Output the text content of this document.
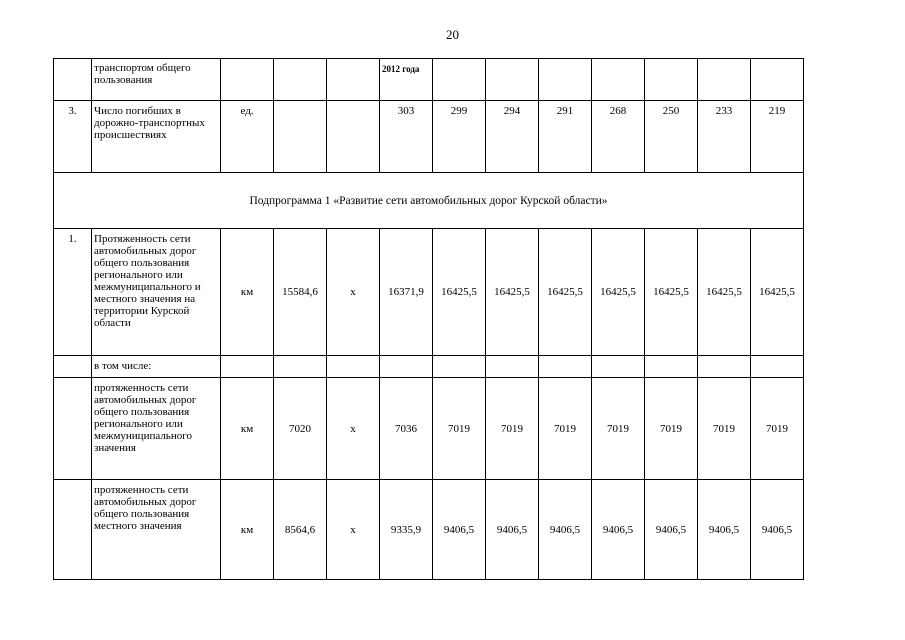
20
	транспортом общего пользования				2012 года							
3.	Число погибших в дорожно-транспортных происшествиях	ед.			303	299	294	291	268	250	233	219
Подпрограмма 1 «Развитие сети автомобильных дорог Курской области»												
1.	Протяженность сети автомобильных дорог общего пользования регионального или межмуниципального и местного значения на территории Курской области	км	15584,6	х	16371,9	16425,5	16425,5	16425,5	16425,5	16425,5	16425,5	16425,5
	в том числе:											
	протяженность сети автомобильных дорог общего пользования регионального или межмуниципального значения	км	7020	х	7036	7019	7019	7019	7019	7019	7019	7019
	протяженность сети автомобильных дорог общего пользования местного значения	км	8564,6	х	9335,9	9406,5	9406,5	9406,5	9406,5	9406,5	9406,5	9406,5
